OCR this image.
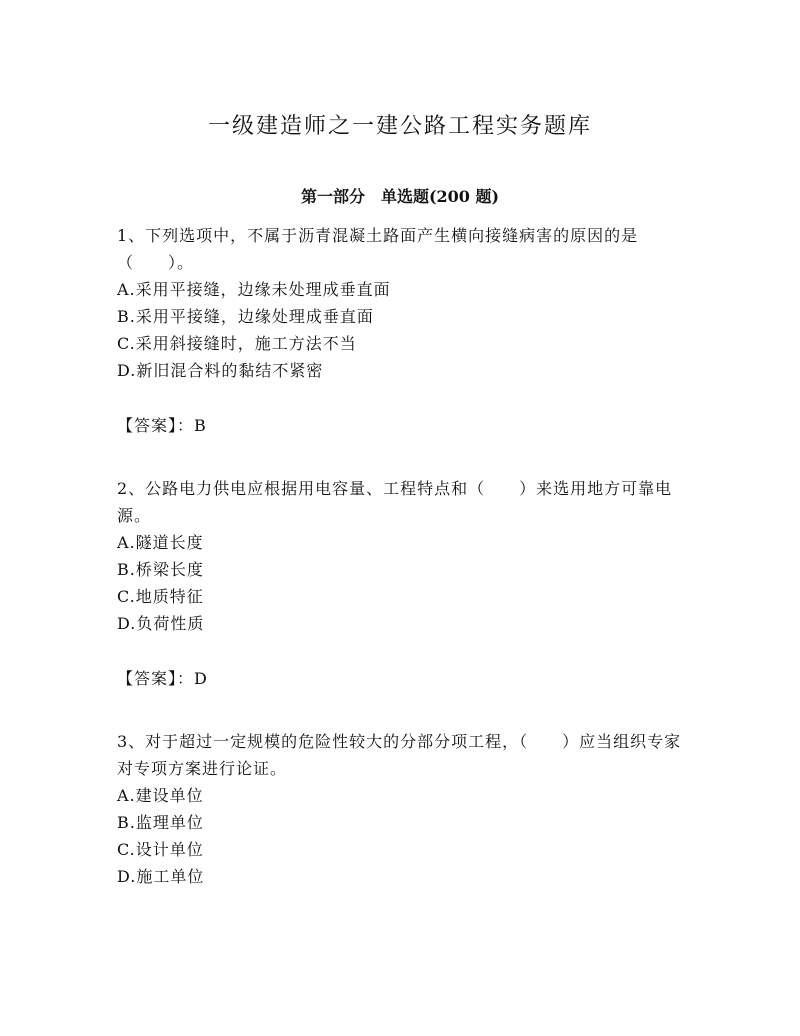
一级建造师之一建公路工程实务题库
第一部分　单选题(200 题)

1、下列选项中，不属于沥青混凝土路面产生横向接缝病害的原因的是（　　）。

A.采用平接缝，边缘未处理成垂直面
B.采用平接缝，边缘处理成垂直面
C.采用斜接缝时，施工方法不当
D.新旧混合料的黏结不紧密
【答案】：B

2、公路电力供电应根据用电容量、工程特点和（　　）来选用地方可靠电源。

A.隧道长度
B.桥梁长度
C.地质特征
D.负荷性质
【答案】：D

3、对于超过一定规模的危险性较大的分部分项工程，（　　）应当组织专家对专项方案进行论证。

A.建设单位
B.监理单位
C.设计单位
D.施工单位
